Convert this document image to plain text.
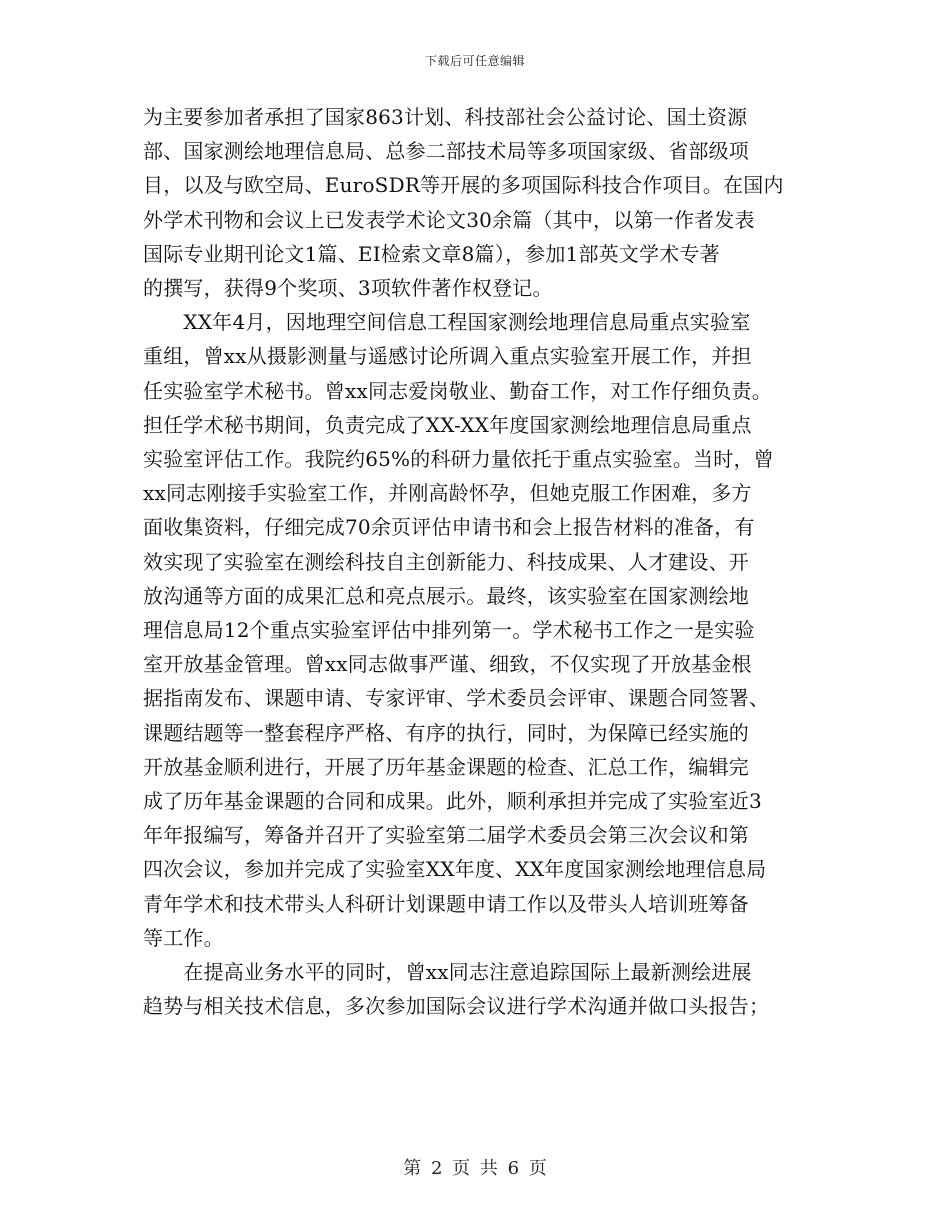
下载后可任意编辑
为主要参加者承担了国家863计划、科技部社会公益讨论、国土资源
部、国家测绘地理信息局、总参二部技术局等多项国家级、省部级项
目，以及与欧空局、EuroSDR等开展的多项国际科技合作项目。在国内
外学术刊物和会议上已发表学术论文30余篇（其中，以第一作者发表
国际专业期刊论文1篇、EI检索文章8篇），参加1部英文学术专著
的撰写，获得9个奖项、3项软件著作权登记。
　　XX年4月，因地理空间信息工程国家测绘地理信息局重点实验室
重组，曾xx从摄影测量与遥感讨论所调入重点实验室开展工作，并担
任实验室学术秘书。曾xx同志爱岗敬业、勤奋工作，对工作仔细负责。
担任学术秘书期间，负责完成了XX-XX年度国家测绘地理信息局重点
实验室评估工作。我院约65%的科研力量依托于重点实验室。当时，曾
xx同志刚接手实验室工作，并刚高龄怀孕，但她克服工作困难，多方
面收集资料，仔细完成70余页评估申请书和会上报告材料的准备，有
效实现了实验室在测绘科技自主创新能力、科技成果、人才建设、开
放沟通等方面的成果汇总和亮点展示。最终，该实验室在国家测绘地
理信息局12个重点实验室评估中排列第一。学术秘书工作之一是实验
室开放基金管理。曾xx同志做事严谨、细致，不仅实现了开放基金根
据指南发布、课题申请、专家评审、学术委员会评审、课题合同签署、
课题结题等一整套程序严格、有序的执行，同时，为保障已经实施的
开放基金顺利进行，开展了历年基金课题的检查、汇总工作，编辑完
成了历年基金课题的合同和成果。此外，顺利承担并完成了实验室近3
年年报编写，筹备并召开了实验室第二届学术委员会第三次会议和第
四次会议，参加并完成了实验室XX年度、XX年度国家测绘地理信息局
青年学术和技术带头人科研计划课题申请工作以及带头人培训班筹备
等工作。
　　在提高业务水平的同时，曾xx同志注意追踪国际上最新测绘进展
趋势与相关技术信息，多次参加国际会议进行学术沟通并做口头报告；
第 2 页 共 6 页
